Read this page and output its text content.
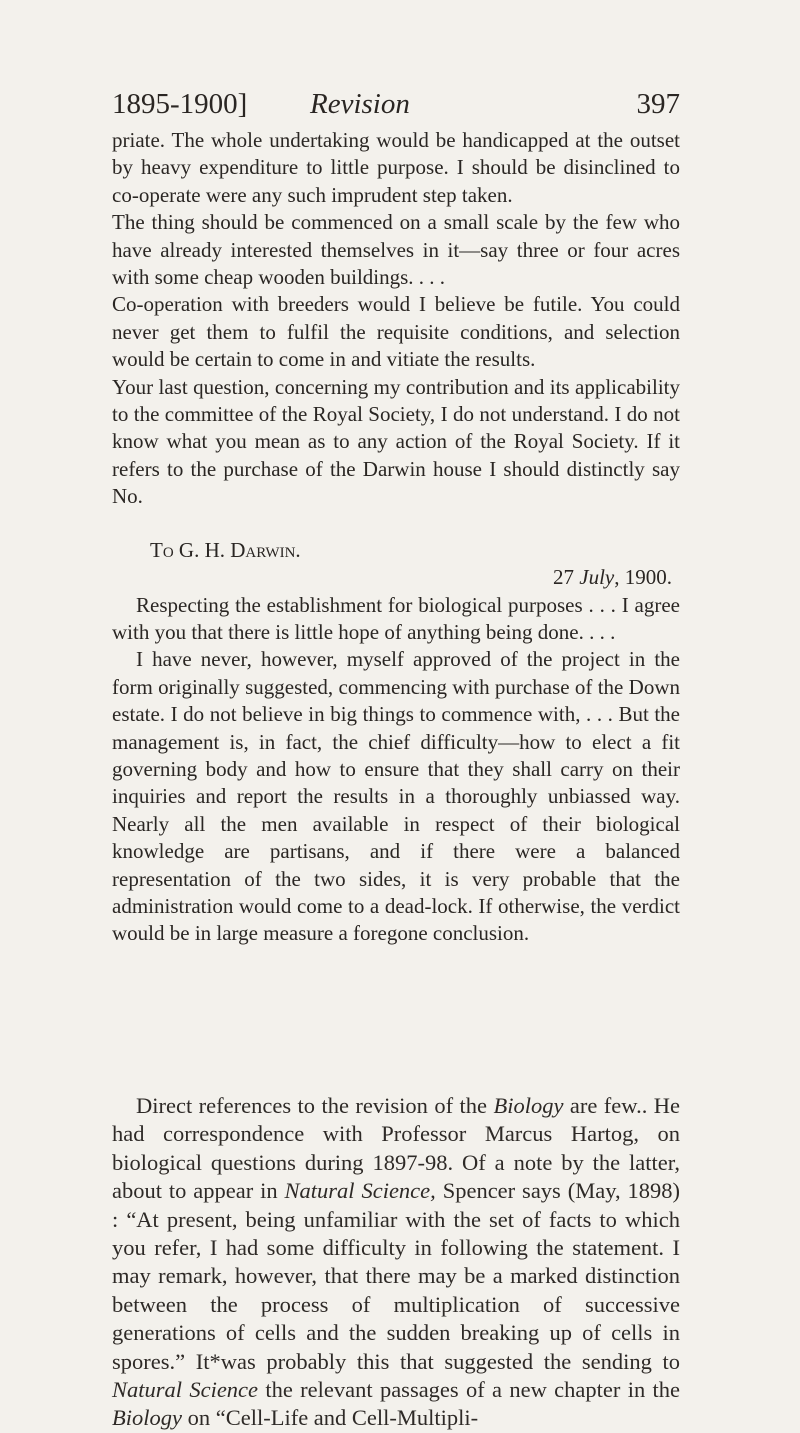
1895-1900] Revision	397

priate. The whole undertaking would be handicapped at the outset by heavy expenditure to little purpose. I should be disinclined to co-operate were any such imprudent step taken.

The thing should be commenced on a small scale by the few who have already interested themselves in it—say three or four acres with some cheap wooden buildings. . . .

Co-operation with breeders would I believe be futile. You could never get them to fulfil the requisite conditions, and selection would be certain to come in and vitiate the results.

Your last question, concerning my contribution and its applicability to the committee of the Royal Society, I do not understand. I do not know what you mean as to any action of the Royal Society. If it refers to the purchase of the Darwin house I should distinctly say No.

To G. H. Darwin.

27 July, 1900.

Respecting the establishment for biological purposes . . . I agree with you that there is little hope of anything being done. . . .

I have never, however, myself approved of the project in the form originally suggested, commencing with purchase of the Down estate. I do not believe in big things to commence with, . . . But the management is, in fact, the chief difficulty—how to elect a fit governing body and how to ensure that they shall carry on their inquiries and report the results in a thoroughly unbiassed way. Nearly all the men available in respect of their biological knowledge are partisans, and if there were a balanced representation of the two sides, it is very probable that the administration would come to a dead-lock. If otherwise, the verdict would be in large measure a foregone conclusion.

Direct references to the revision of the Biology are few.. He had correspondence with Professor Marcus Hartog, on biological questions during 1897-98. Of a note by the latter, about to appear in Natural Science, Spencer says (May, 1898) : “At present, being unfamiliar with the set of facts to which you refer, I had some difficulty in following the statement. I may remark, however, that there may be a marked distinction between the process of multiplication of successive generations of cells and the sudden breaking up of cells in spores.” It*was probably this that suggested the sending to Natural Science the relevant passages of a new chapter in the Biology on “Cell-Life and Cell-Multipli-
